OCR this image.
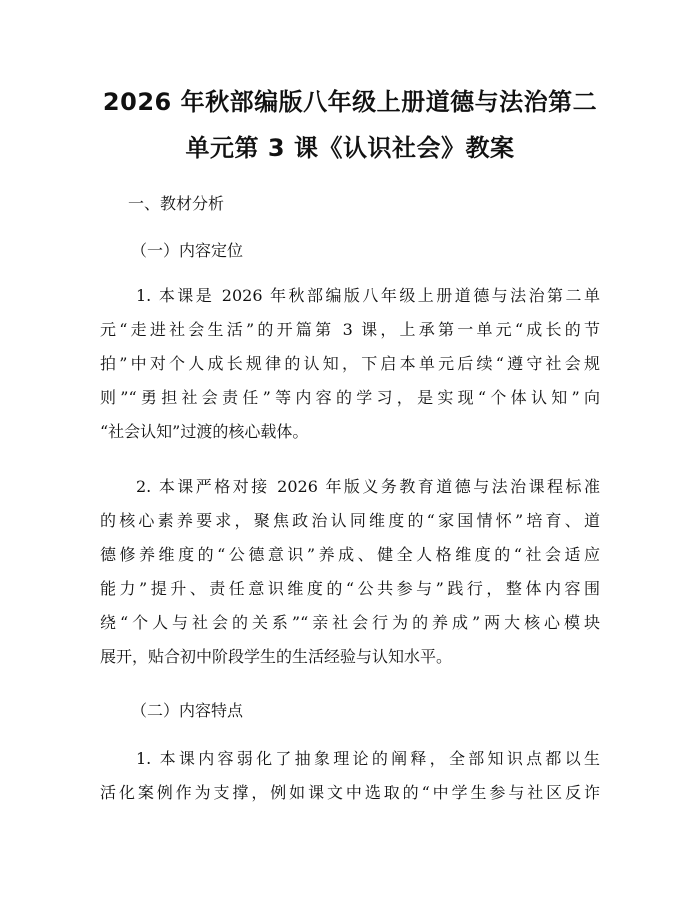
2026 年秋部编版八年级上册道德与法治第二
单元第 3 课《认识社会》教案
一、教材分析
（一）内容定位
1. 本课是 2026 年秋部编版八年级上册道德与法治第二单
元“走进社会生活”的开篇第 3 课，上承第一单元“成长的节
拍”中对个人成长规律的认知，下启本单元后续“遵守社会规
则”“勇担社会责任”等内容的学习，是实现“个体认知”向
“社会认知”过渡的核心载体。
2. 本课严格对接 2026 年版义务教育道德与法治课程标准
的核心素养要求，聚焦政治认同维度的“家国情怀”培育、道
德修养维度的“公德意识”养成、健全人格维度的“社会适应
能力”提升、责任意识维度的“公共参与”践行，整体内容围
绕“个人与社会的关系”“亲社会行为的养成”两大核心模块
展开，贴合初中阶段学生的生活经验与认知水平。
（二）内容特点
1. 本课内容弱化了抽象理论的阐释，全部知识点都以生
活化案例作为支撑，例如课文中选取的“中学生参与社区反诈
